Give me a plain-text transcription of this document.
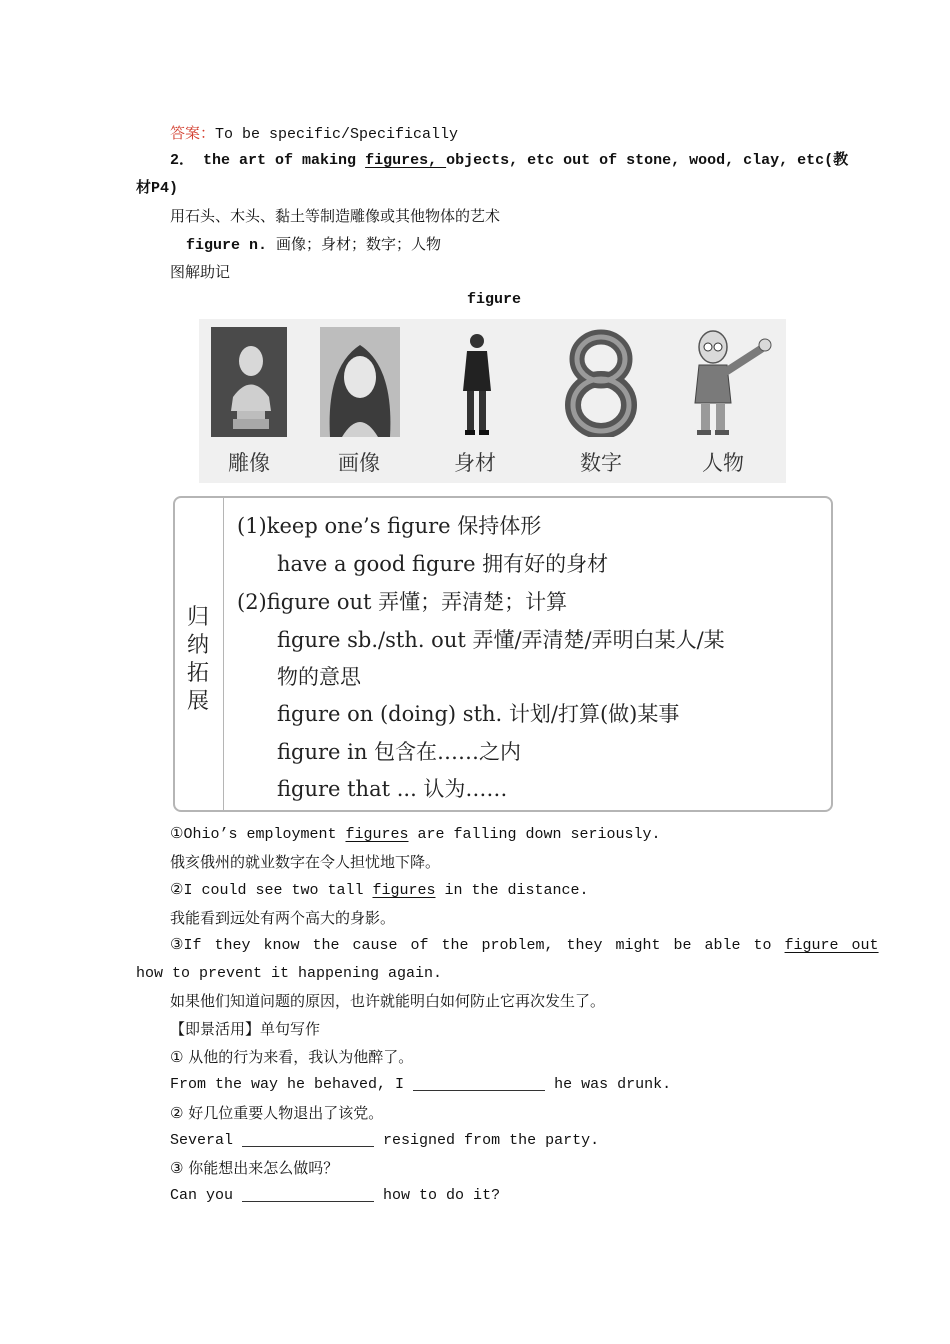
答案：To be specific/Specifically
2． the art of making figures, objects, etc out of stone, wood, clay, etc(教
材P4)
用石头、木头、黏土等制造雕像或其他物体的艺术
figure n. 画像；身材；数字；人物
图解助记
figure
雕像	画像	身材	数字	人物
归
纳
拓
展
(1)keep one’s figure 保持体形
have a good figure 拥有好的身材
(2)figure out 弄懂；弄清楚；计算
figure sb./sth. out 弄懂/弄清楚/弄明白某人/某
物的意思
figure on (doing) sth. 计划/打算(做)某事
figure in 包含在……之内
figure that ... 认为……
①Ohio’s employment figures are falling down seriously.
俄亥俄州的就业数字在令人担忧地下降。
②I could see two tall figures in the distance.
我能看到远处有两个高大的身影。
③If they know the cause of the problem, they might be able to figure out
how to prevent it happening again.
如果他们知道问题的原因，也许就能明白如何防止它再次发生了。
【即景活用】单句写作
① 从他的行为来看，我认为他醉了。
From the way he behaved, I	he was drunk.
② 好几位重要人物退出了该党。
Several	resigned from the party.
③ 你能想出来怎么做吗？
Can you	how to do it?
